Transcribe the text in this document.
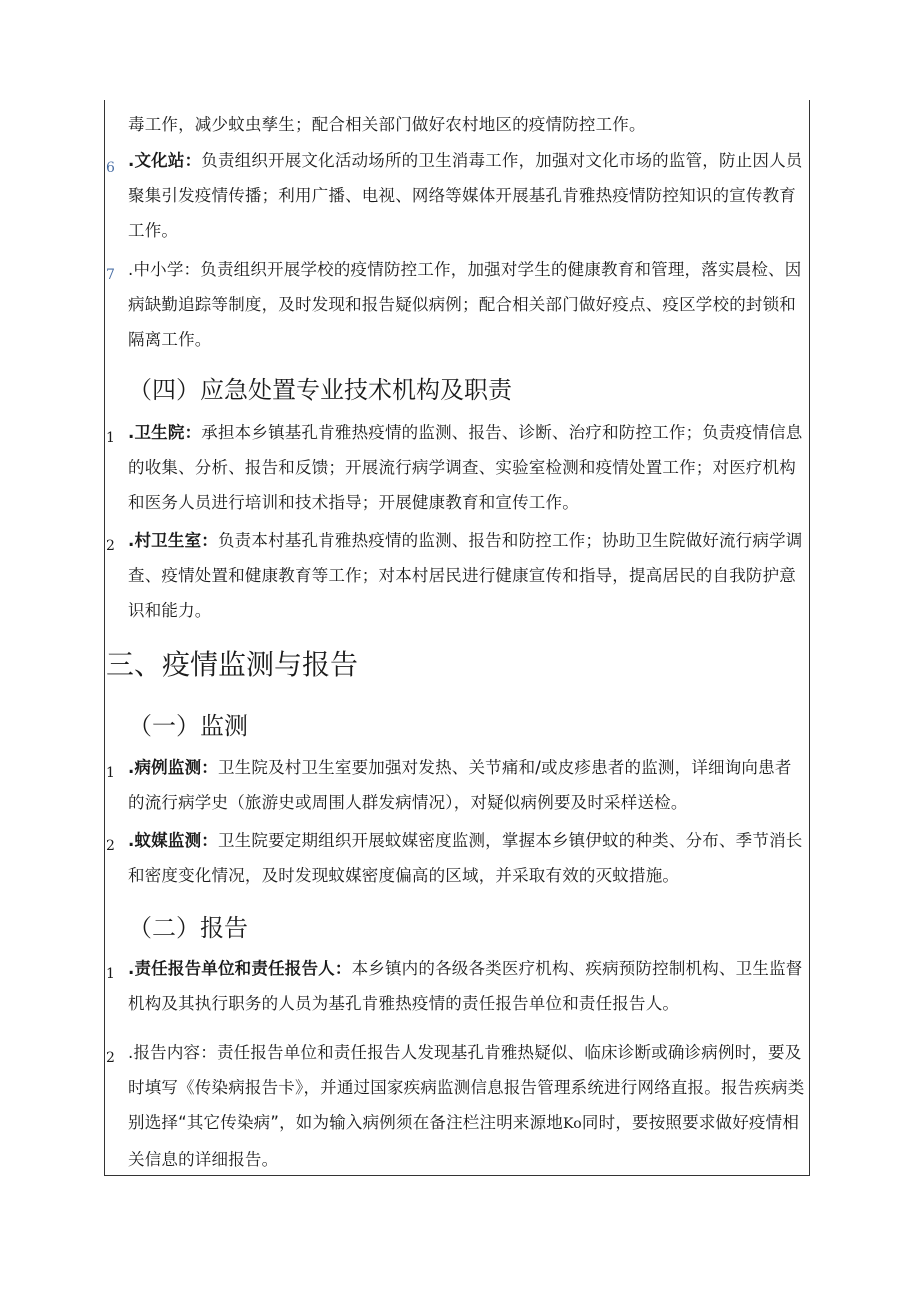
毒工作，减少蚊虫孳生；配合相关部门做好农村地区的疫情防控工作。
6 .文化站：负责组织开展文化活动场所的卫生消毒工作，加强对文化市场的监管，防止因人员聚集引发疫情传播；利用广播、电视、网络等媒体开展基孔肯雅热疫情防控知识的宣传教育工作。
7 .中小学：负责组织开展学校的疫情防控工作，加强对学生的健康教育和管理，落实晨检、因病缺勤追踪等制度，及时发现和报告疑似病例；配合相关部门做好疫点、疫区学校的封锁和隔离工作。
（四）应急处置专业技术机构及职责
1 .卫生院：承担本乡镇基孔肯雅热疫情的监测、报告、诊断、治疗和防控工作；负责疫情信息的收集、分析、报告和反馈；开展流行病学调查、实验室检测和疫情处置工作；对医疗机构和医务人员进行培训和技术指导；开展健康教育和宣传工作。
2 .村卫生室：负责本村基孔肯雅热疫情的监测、报告和防控工作；协助卫生院做好流行病学调查、疫情处置和健康教育等工作；对本村居民进行健康宣传和指导，提高居民的自我防护意识和能力。
三、疫情监测与报告
（一）监测
1 .病例监测：卫生院及村卫生室要加强对发热、关节痛和/或皮疹患者的监测，详细询向患者的流行病学史（旅游史或周围人群发病情况），对疑似病例要及时采样送检。
2 .蚊媒监测：卫生院要定期组织开展蚊媒密度监测，掌握本乡镇伊蚊的种类、分布、季节消长和密度变化情况，及时发现蚊媒密度偏高的区域，并采取有效的灭蚊措施。
（二）报告
1 .责任报告单位和责任报告人：本乡镇内的各级各类医疗机构、疾病预防控制机构、卫生监督机构及其执行职务的人员为基孔肯雅热疫情的责任报告单位和责任报告人。
2 .报告内容：责任报告单位和责任报告人发现基孔肯雅热疑似、临床诊断或确诊病例时，要及时填写《传染病报告卡》，并通过国家疾病监测信息报告管理系统进行网络直报。报告疾病类别选择“其它传染病”，如为输入病例须在备注栏注明来源地Ko同时，要按照要求做好疫情相关信息的详细报告。
